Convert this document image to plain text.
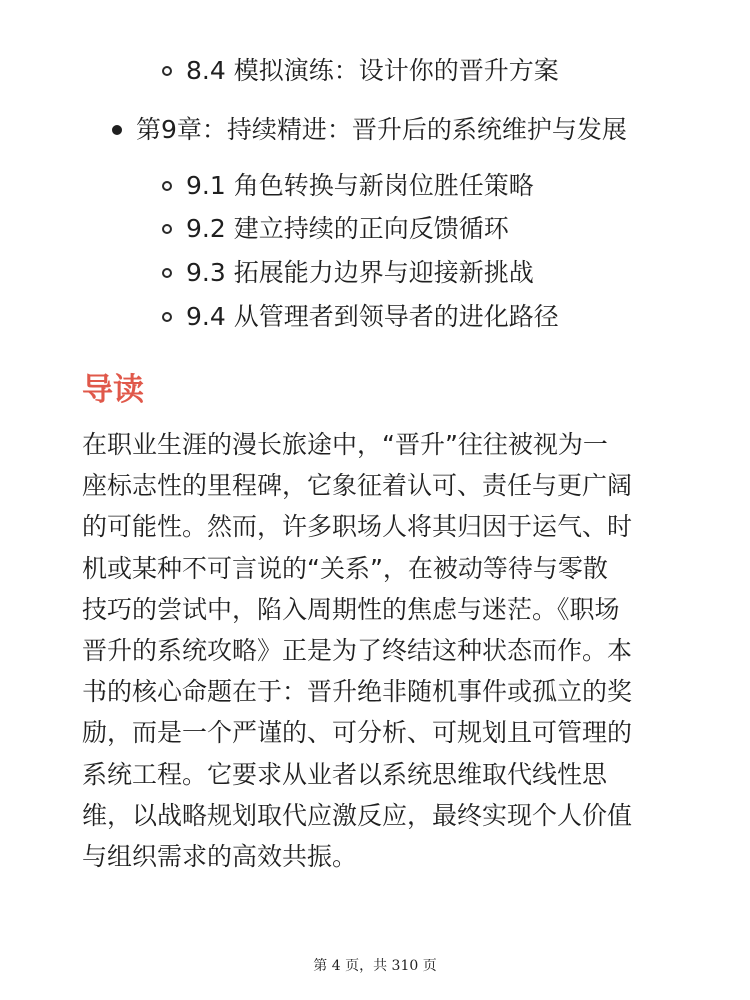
8.4 模拟演练：设计你的晋升方案
第9章：持续精进：晋升后的系统维护与发展
9.1 角色转换与新岗位胜任策略
9.2 建立持续的正向反馈循环
9.3 拓展能力边界与迎接新挑战
9.4 从管理者到领导者的进化路径
导读

在职业生涯的漫长旅途中，“晋升”往往被视为一
座标志性的里程碑，它象征着认可、责任与更广阔
的可能性。然而，许多职场人将其归因于运气、时
机或某种不可言说的“关系”，在被动等待与零散
技巧的尝试中，陷入周期性的焦虑与迷茫。《职场
晋升的系统攻略》正是为了终结这种状态而作。本
书的核心命题在于：晋升绝非随机事件或孤立的奖
励，而是一个严谨的、可分析、可规划且可管理的
系统工程。它要求从业者以系统思维取代线性思
维，以战略规划取代应激反应，最终实现个人价值
与组织需求的高效共振。

第 4 页，共 310 页
